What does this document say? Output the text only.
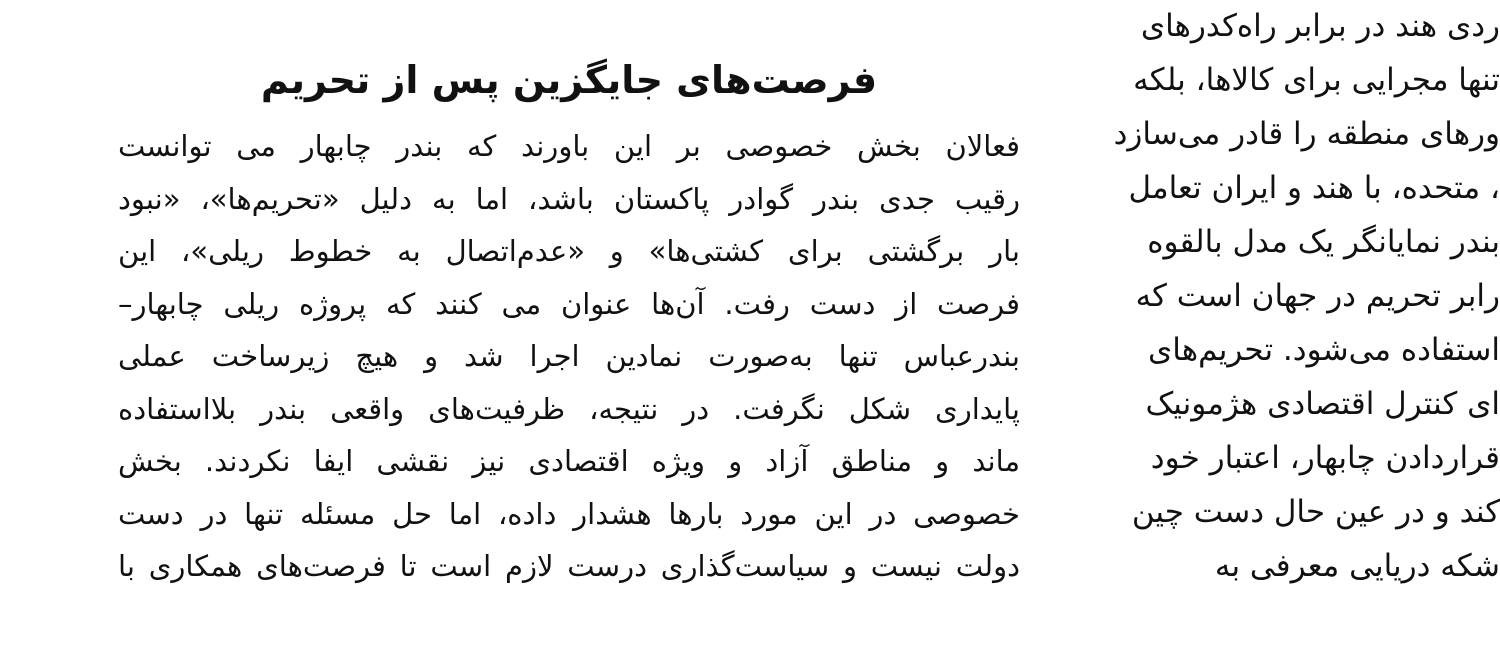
فرصت‌های جایگزین پس از تحریم
فعالان بخش خصوصی بر این باورند که بندر چابهار می توانست
رقیب جدی بندر گوادر پاکستان باشد، اما به دلیل «تحریم‌ها»، «نبود
بار برگشتی برای کشتی‌ها» و «عدم‌اتصال به خطوط ریلی»، این
فرصت از دست رفت. آن‌ها عنوان می کنند که پروژه ریلی چابهار–
بندرعباس تنها به‌صورت نمادین اجرا شد و هیچ زیرساخت عملی
پایداری شکل نگرفت. در نتیجه، ظرفیت‌های واقعی بندر بلااستفاده
ماند و مناطق آزاد و ویژه اقتصادی نیز نقشی ایفا نکردند. بخش
خصوصی در این مورد بارها هشدار داده، اما حل مسئله تنها در دست
دولت نیست و سیاست‌گذاری درست لازم است تا فرصت‌های همکاری با
ردی هند در برابر راه‌کدرهای
تنها مجرایی برای کالاها، بلکه
ورهای منطقه را قادر می‌سازد
، متحده، با هند و ایران تعامل
بندر نمایانگر یک مدل بالقوه
رابر تحریم در جهان است که
استفاده می‌شود. تحریم‌های
‌ای کنترل اقتصادی هژمونیک
قراردادن چابهار، اعتبار خود
کند و در عین حال دست چین
شکه دریایی معرفی به
